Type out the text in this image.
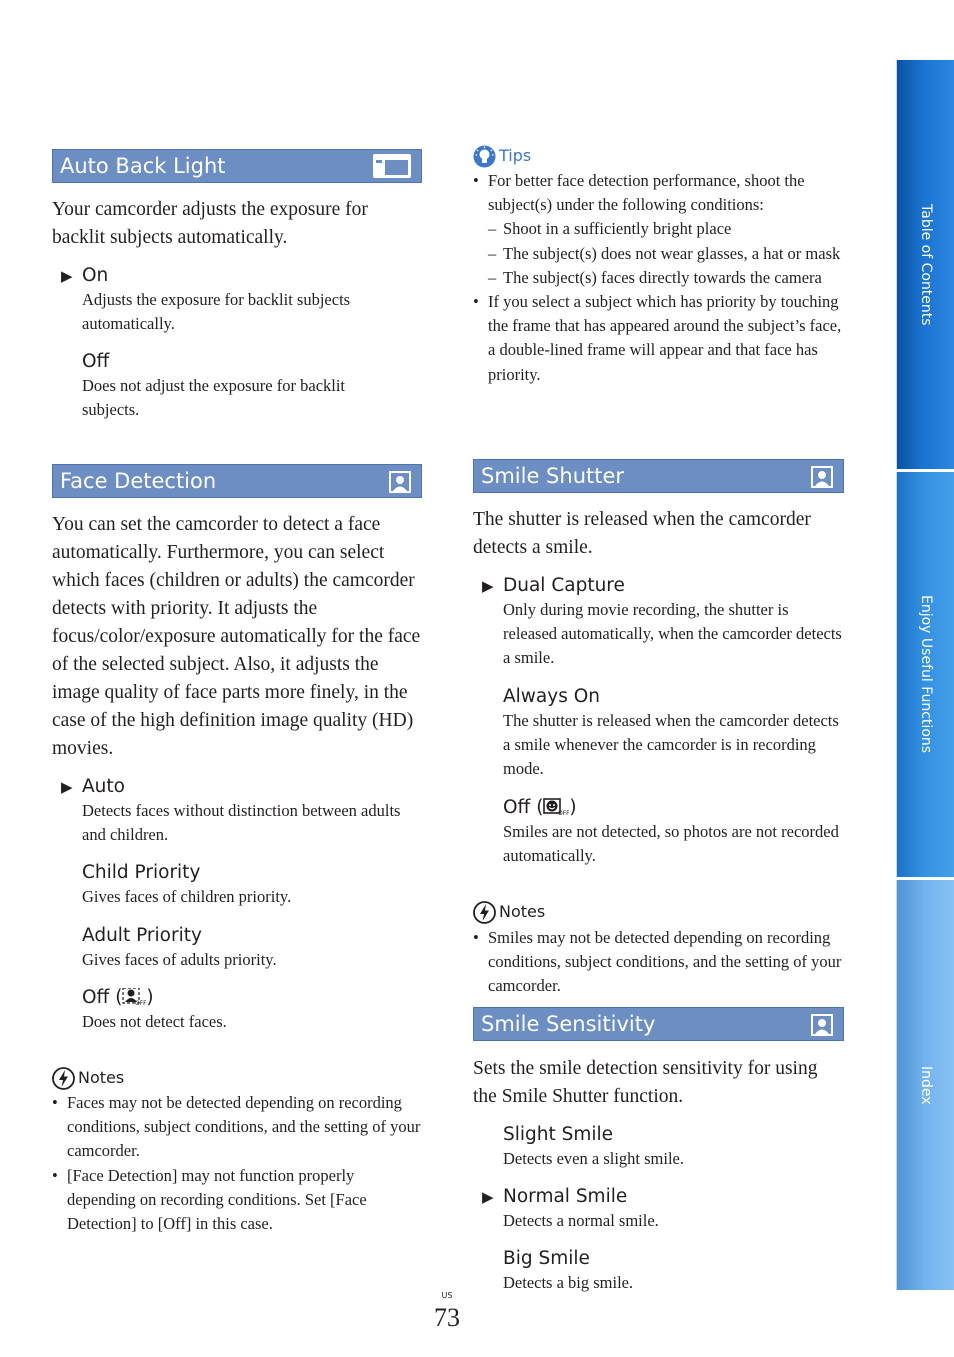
Auto Back Light
Your camcorder adjusts the exposure for backlit subjects automatically.
▶ On
Adjusts the exposure for backlit subjects automatically.
Off
Does not adjust the exposure for backlit subjects.
Face Detection
You can set the camcorder to detect a face automatically. Furthermore, you can select which faces (children or adults) the camcorder detects with priority. It adjusts the focus/color/exposure automatically for the face of the selected subject. Also, it adjusts the image quality of face parts more finely, in the case of the high definition image quality (HD) movies.
▶ Auto
Detects faces without distinction between adults and children.
Child Priority
Gives faces of children priority.
Adult Priority
Gives faces of adults priority.
Off ( OFF )
Does not detect faces.
Notes
• Faces may not be detected depending on recording conditions, subject conditions, and the setting of your camcorder.
• [Face Detection] may not function properly depending on recording conditions. Set [Face Detection] to [Off] in this case.
Tips
• For better face detection performance, shoot the subject(s) under the following conditions:
– Shoot in a sufficiently bright place
– The subject(s) does not wear glasses, a hat or mask
– The subject(s) faces directly towards the camera
• If you select a subject which has priority by touching the frame that has appeared around the subject’s face, a double-lined frame will appear and that face has priority.
Smile Shutter
The shutter is released when the camcorder detects a smile.
▶ Dual Capture
Only during movie recording, the shutter is released automatically, when the camcorder detects a smile.
Always On
The shutter is released when the camcorder detects a smile whenever the camcorder is in recording mode.
Off (	OFF )
Smiles are not detected, so photos are not recorded automatically.
Notes
• Smiles may not be detected depending on recording conditions, subject conditions, and the setting of your camcorder.
Smile Sensitivity
Sets the smile detection sensitivity for using the Smile Shutter function.
Slight Smile
Detects even a slight smile.
▶ Normal Smile
Detects a normal smile.
Big Smile
Detects a big smile.
US
73
Table of Contents
Enjoy Useful Functions
Index
